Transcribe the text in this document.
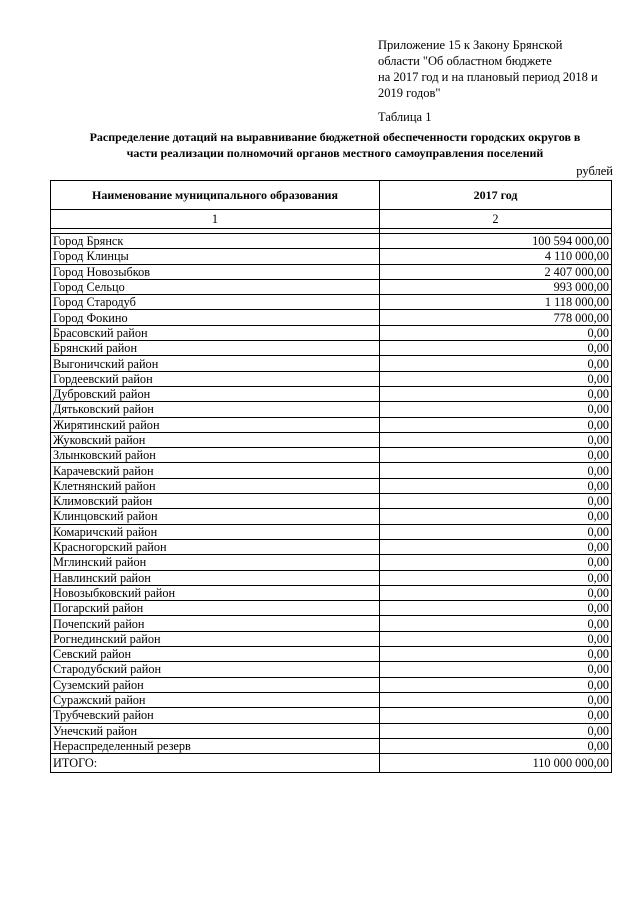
Приложение 15 к Закону Брянской
области "Об областном бюджете
на 2017 год и на плановый период 2018 и
2019 годов"
Таблица 1
Распределение дотаций на выравнивание бюджетной обеспеченности городских округов в
части реализации полномочий органов местного самоуправления поселений
рублей
Наименование муниципального образования	2017 год
1	2

Город Брянск	100 594 000,00
Город Клинцы	4 110 000,00
Город Новозыбков	2 407 000,00
Город Сельцо	993 000,00
Город Стародуб	1 118 000,00
Город Фокино	778 000,00
Брасовский район	0,00
Брянский район	0,00
Выгоничский район	0,00
Гордеевский район	0,00
Дубровский район	0,00
Дятьковский район	0,00
Жирятинский район	0,00
Жуковский район	0,00
Злынковский район	0,00
Карачевский район	0,00
Клетнянский район	0,00
Климовский район	0,00
Клинцовский район	0,00
Комаричский район	0,00
Красногорский район	0,00
Мглинский район	0,00
Навлинский район	0,00
Новозыбковский район	0,00
Погарский район	0,00
Почепский район	0,00
Рогнединский район	0,00
Севский район	0,00
Стародубский район	0,00
Суземский район	0,00
Суражский район	0,00
Трубчевский район	0,00
Унечский район	0,00
Нераспределенный резерв	0,00
ИТОГО:	110 000 000,00
